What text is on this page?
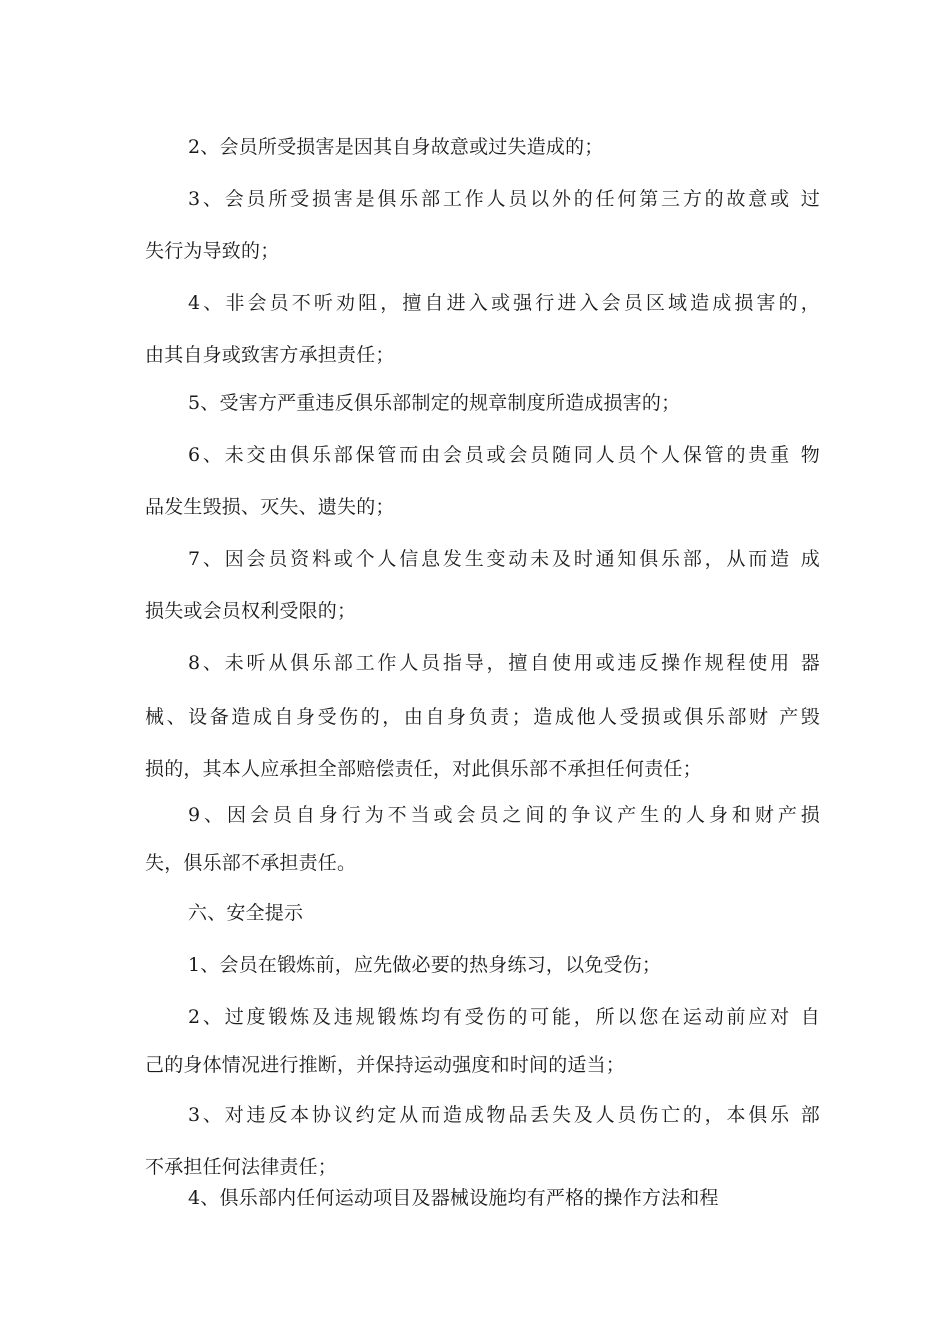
2、会员所受损害是因其自身故意或过失造成的；
3、会员所受损害是俱乐部工作人员以外的任何第三方的故意或 过
失行为导致的；
4、非会员不听劝阻，擅自进入或强行进入会员区域造成损害的，
由其自身或致害方承担责任；
5、受害方严重违反俱乐部制定的规章制度所造成损害的；
6、未交由俱乐部保管而由会员或会员随同人员个人保管的贵重 物
品发生毁损、灭失、遗失的；
7、因会员资料或个人信息发生变动未及时通知俱乐部，从而造 成
损失或会员权利受限的；
8、未听从俱乐部工作人员指导，擅自使用或违反操作规程使用 器
械、设备造成自身受伤的，由自身负责；造成他人受损或俱乐部财 产毁
损的，其本人应承担全部赔偿责任，对此俱乐部不承担任何责任；
9、因会员自身行为不当或会员之间的争议产生的人身和财产损
失，俱乐部不承担责任。
六、安全提示
1、会员在锻炼前，应先做必要的热身练习，以免受伤；
2、过度锻炼及违规锻炼均有受伤的可能，所以您在运动前应对 自
己的身体情况进行推断，并保持运动强度和时间的适当；
3、对违反本协议约定从而造成物品丢失及人员伤亡的，本俱乐 部
不承担任何法律责任；
4、俱乐部内任何运动项目及器械设施均有严格的操作方法和程
